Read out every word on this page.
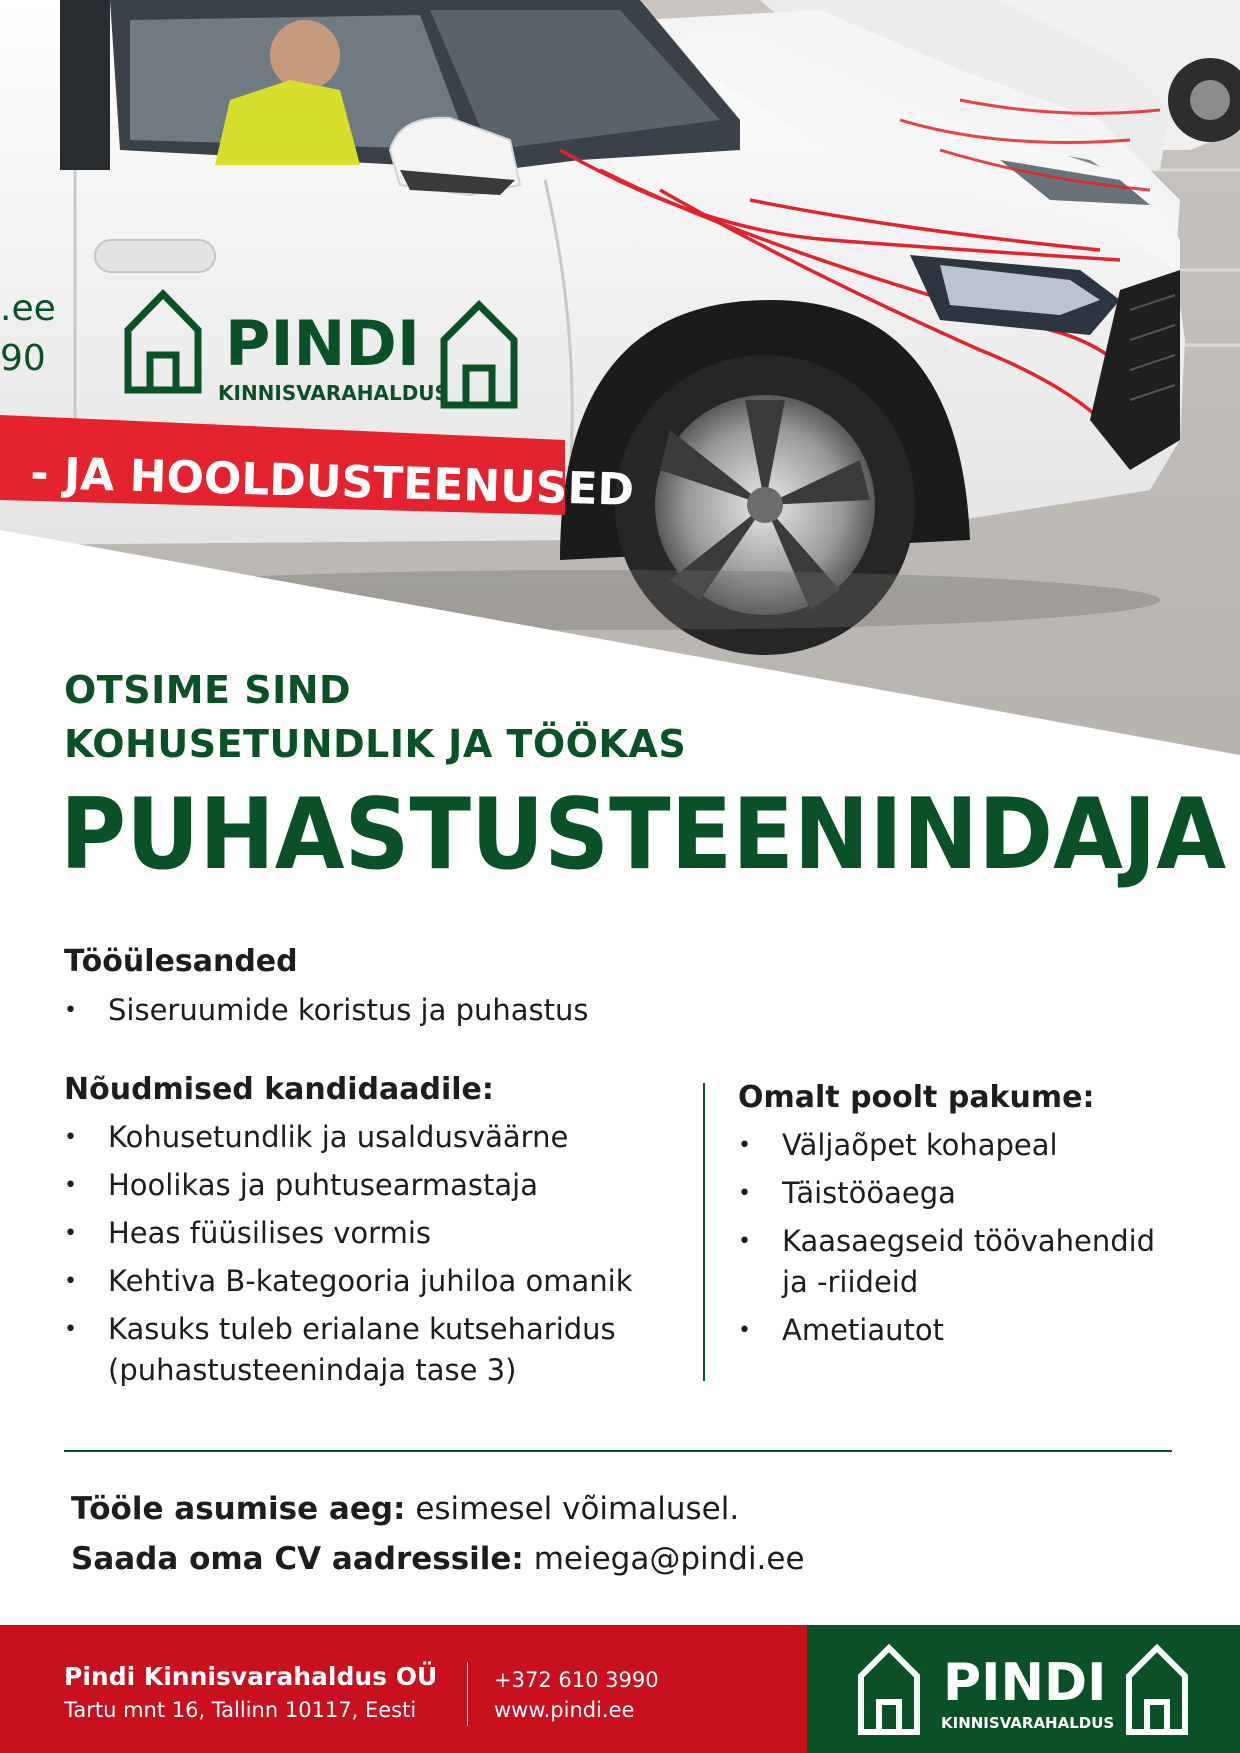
- JA HOOLDUSTEENUSED
.ee
90	PINDI
KINNISVARAHALDUS
OTSIME SIND
KOHUSETUNDLIK JA TÖÖKAS
PUHASTUSTEENINDAJA
Tööülesanded
• Siseruumide koristus ja puhastus
Nõudmised kandidaadile:
• Kohusetundlik ja usaldusväärne
• Hoolikas ja puhtusearmastaja
• Heas füüsilises vormis
• Kehtiva B-kategooria juhiloa omanik
• Kasuks tuleb erialane kutseharidus
(puhastusteenindaja tase 3)
Omalt poolt pakume:
• Väljaõpet kohapeal
• Täistööaega
• Kaasaegseid töövahendid
ja -riideid
• Ametiautot
Tööle asumise aeg: esimesel võimalusel.
Saada oma CV aadressile: meiega@pindi.ee
Pindi Kinnisvarahaldus OÜ
Tartu mnt 16, Tallinn 10117, Eesti
+372 610 3990
www.pindi.ee	PINDI
KINNISVARAHALDUS
